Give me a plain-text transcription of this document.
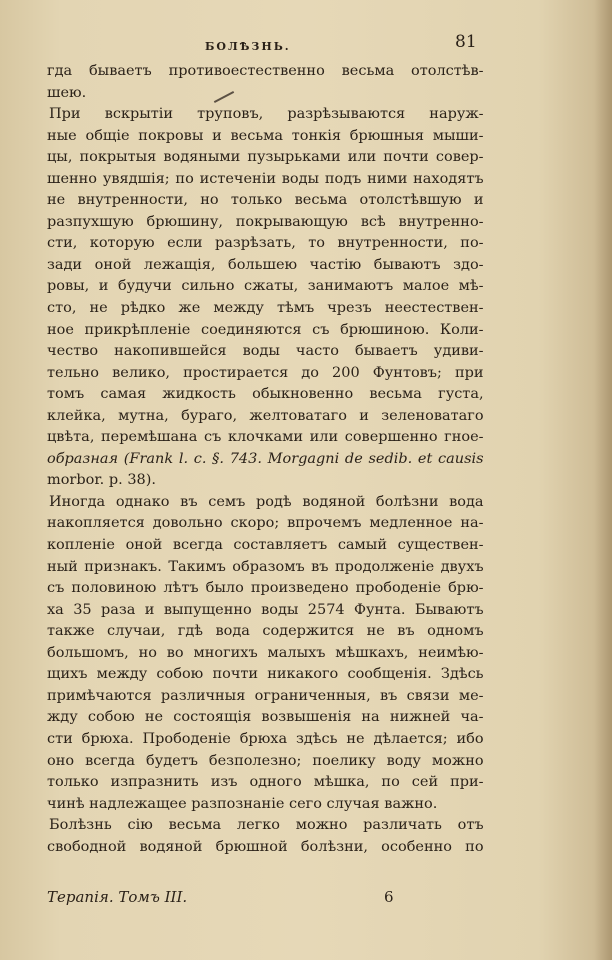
БОЛѢЗНЬ.	81
гда бываетъ противоестественно весьма отолстѣв-
шею.
При вскрытіи труповъ, разрѣзываются наруж-
ные общіе покровы и весьма тонкія брюшныя мыши-
цы, покрытыя водяными пузырьками или почти совер-
шенно увядшія; по истеченіи воды подъ ними находятъ
не внутренности, но только весьма отолстѣвшую и
разпухшую брюшину, покрывающую всѣ внутренно-
сти, которую если разрѣзать, то внутренности, по-
зади оной лежащія, большею частію бываютъ здо-
ровы, и будучи сильно сжаты, занимаютъ малое мѣ-
сто, не рѣдко же между тѣмъ чрезъ неестествен-
ное прикрѣпленіе соединяются съ брюшиною. Коли-
чество накопившейся воды часто бываетъ удиви-
тельно велико, простирается до 200 Фунтовъ; при
томъ самая жидкость обыкновенно весьма густа,
клейка, мутна, бураго, желтоватаго и зеленоватаго
цвѣта, перемѣшана съ клочками или совершенно гное-
образная (Frank l. c. §. 743. Morgagni de sedib. et causis
morbor. p. 38).
Иногда однако въ семъ родѣ водяной болѣзни вода
накопляется довольно скоро; впрочемъ медленное на-
копленіе оной всегда составляетъ самый существен-
ный признакъ. Такимъ образомъ въ продолженіе двухъ
съ половиною лѣтъ было произведено прободеніе брю-
ха 35 раза и выпущенно воды 2574 Фунта. Бываютъ
также случаи, гдѣ вода содержится не въ одномъ
большомъ, но во многихъ малыхъ мѣшкахъ, неимѣю-
щихъ между собою почти никакого сообщенія. Здѣсь
примѣчаются различныя ограниченныя, въ связи ме-
жду собою не состоящія возвышенія на нижней ча-
сти брюха. Прободеніе брюха здѣсь не дѣлается; ибо
оно всегда будетъ безполезно; поелику воду можно
только изпразнить изъ одного мѣшка, по сей при-
чинѣ надлежащее разпознаніе сего случая важно.
Болѣзнь сію весьма легко можно различать отъ
свободной водяной брюшной болѣзни, особенно по
Терапія. Томъ III.	6
